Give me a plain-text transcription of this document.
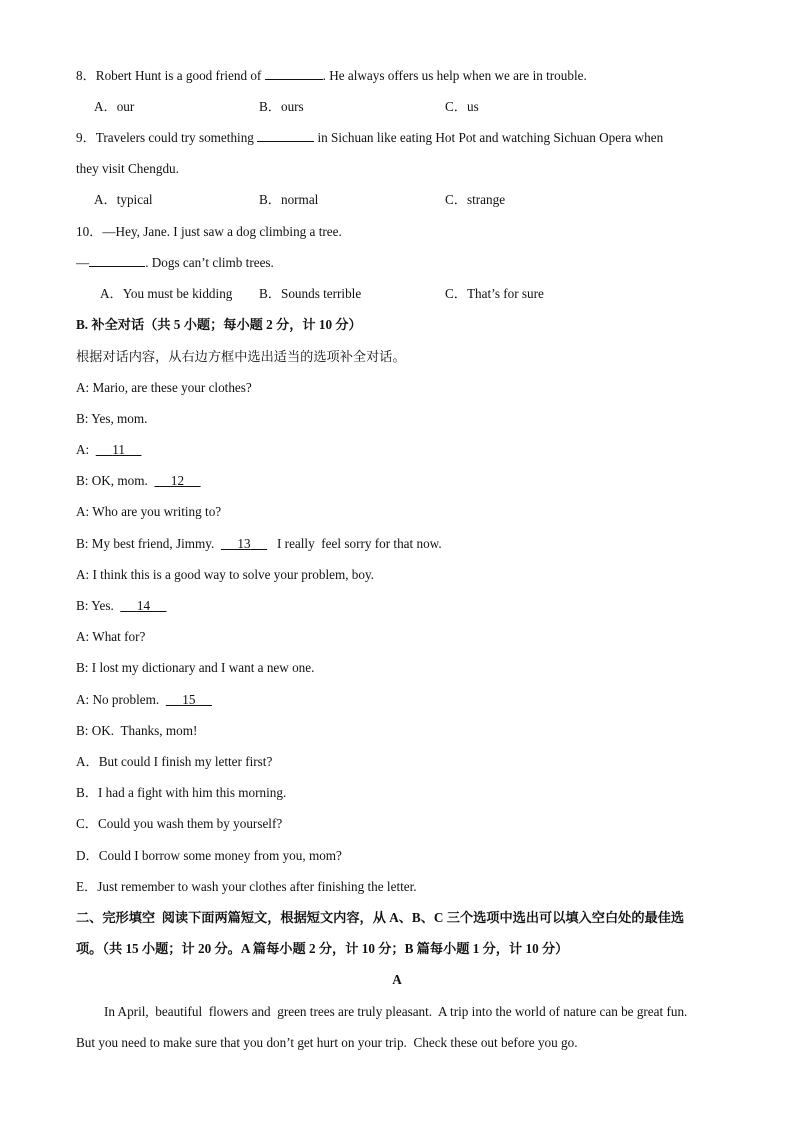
8．Robert Hunt is a good friend of	. He always offers us help when we are in trouble.
A．our	B．ours	C．us
9．Travelers could try something	in Sichuan like eating Hot Pot and watching Sichuan Opera when
they visit Chengdu.
A．typical	B．normal	C．strange
10．—Hey, Jane. I just saw a dog climbing a tree.
—	. Dogs can’t climb trees.
A．You must be kidding B．Sounds terrible	C．That’s for sure
B. 补全对话（共 5 小题；每小题 2 分，计 10 分）
根据对话内容，从右边方框中选出适当的选项补全对话。
A: Mario, are these your clothes?
B: Yes, mom.
A:       11
B: OK, mom.       12
A: Who are you writing to?
B: My best friend, Jimmy.       13        I really  feel sorry for that now.
A: I think this is a good way to solve your problem, boy.
B: Yes.       14
A: What for?
B: I lost my dictionary and I want a new one.
A: No problem.       15
B: OK.  Thanks, mom!
A．But could I finish my letter first?
B．I had a fight with him this morning.
C．Could you wash them by yourself?
D．Could I borrow some money from you, mom?
E．Just remember to wash your clothes after finishing the letter.
二、完形填空  阅读下面两篇短文，根据短文内容，从 A、B、C 三个选项中选出可以填入空白处的最佳选
项。（共 15 小题；计 20 分。A 篇每小题 2 分，计 10 分；B 篇每小题 1 分，计 10 分）
A
In April,  beautiful  flowers and  green trees are truly pleasant.  A trip into the world of nature can be great fun.
But you need to make sure that you don’t get hurt on your trip.  Check these out before you go.
